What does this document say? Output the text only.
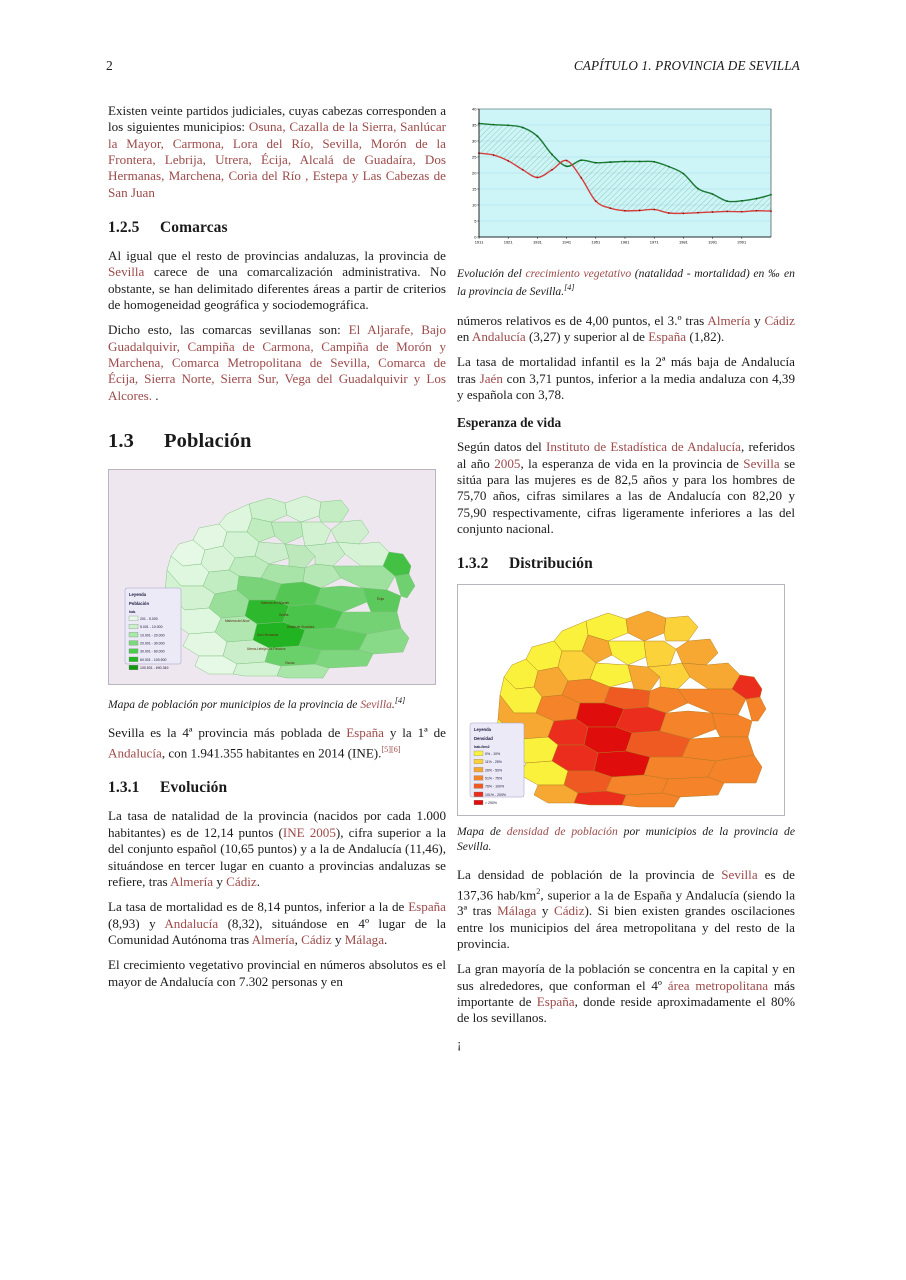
2	CAPÍTULO 1. PROVINCIA DE SEVILLA

Existen veinte partidos judiciales, cuyas cabezas corresponden a los siguientes municipios: Osuna, Cazalla de la Sierra, Sanlúcar la Mayor, Carmona, Lora del Río, Sevilla, Morón de la Frontera, Lebrija, Utrera, Écija, Alcalá de Guadaíra, Dos Hermanas, Marchena, Coria del Río , Estepa y Las Cabezas de San Juan

1.2.5 Comarcas

Al igual que el resto de provincias andaluzas, la provincia de Sevilla carece de una comarcalización administrativa. No obstante, se han delimitado diferentes áreas a partir de criterios de homogeneidad geográfica y sociodemográfica.

Dicho esto, las comarcas sevillanas son: El Aljarafe, Bajo Guadalquivir, Campiña de Carmona, Campiña de Morón y Marchena, Comarca Metropolitana de Sevilla, Comarca de Écija, Sierra Norte, Sierra Sur, Vega del Guadalquivir y Los Alcores. .

1.3 Población
Mairena del Aljarafe
Sevilla
Mairena del Alcor
Alcalá de Guadaíra
Dos Hermanas
Utrera-Lebrija Los Palacios
Osuna
Écija
Leyenda
Población
hab.
201 - 5.000
5.001 - 10.000
10.001 - 20.000
20.001 - 30.000
30.001 - 60.000
60.001 - 100.500
100.501 - 690.349
Mapa de población por municipios de la provincia de Sevilla.[4]

Sevilla es la 4ª provincia más poblada de España y la 1ª de Andalucía, con 1.941.355 habitantes en 2014 (INE).[5][6]

1.3.1 Evolución

La tasa de natalidad de la provincia (nacidos por cada 1.000 habitantes) es de 12,14 puntos (INE 2005), cifra superior a la del conjunto español (10,65 puntos) y a la de Andalucía (11,46), situándose en tercer lugar en cuanto a provincias andaluzas se refiere, tras Almería y Cádiz.

La tasa de mortalidad es de 8,14 puntos, inferior a la de España (8,93) y Andalucía (8,32), situándose en 4º lugar de la Comunidad Autónoma tras Almería, Cádiz y Málaga.

El crecimiento vegetativo provincial en números absolutos es el mayor de Andalucía con 7.302 personas y en

0
5
10
15
20
25
30
35
40
1911	1921	1931	1941	1951	1961	1971	1981	1991	2001
Evolución del crecimiento vegetativo (natalidad - mortalidad) en ‰ en la provincia de Sevilla.[4]

números relativos es de 4,00 puntos, el 3.º tras Almería y Cádiz en Andalucía (3,27) y superior al de España (1,82).

La tasa de mortalidad infantil es la 2ª más baja de Andalucía tras Jaén con 3,71 puntos, inferior a la media andaluza con 4,39 y española con 3,78.

Esperanza de vida

Según datos del Instituto de Estadística de Andalucía, referidos al año 2005, la esperanza de vida en la provincia de Sevilla se sitúa para las mujeres es de 82,5 años y para los hombres de 75,70 años, cifras similares a las de Andalucía con 82,20 y 75,90 respectivamente, cifras ligeramente inferiores a las del conjunto nacional.

1.3.2 Distribución
Leyenda
Densidad
hab./km2
0% - 10%
11% - 25%
26% - 50%
51% - 75%
76% - 100%
101% - 200%
> 250%
Mapa de densidad de población por municipios de la provincia de Sevilla.

La densidad de población de la provincia de Sevilla es de 137,36 hab/$km^2$, superior a la de España y Andalucía (siendo la 3ª tras Málaga y Cádiz). Si bien existen grandes oscilaciones entre los municipios del área metropolitana y del resto de la provincia.

La gran mayoría de la población se concentra en la capital y en sus alrededores, que conforman el 4º área metropolitana más importante de España, donde reside aproximadamente el 80% de los sevillanos.

¡
